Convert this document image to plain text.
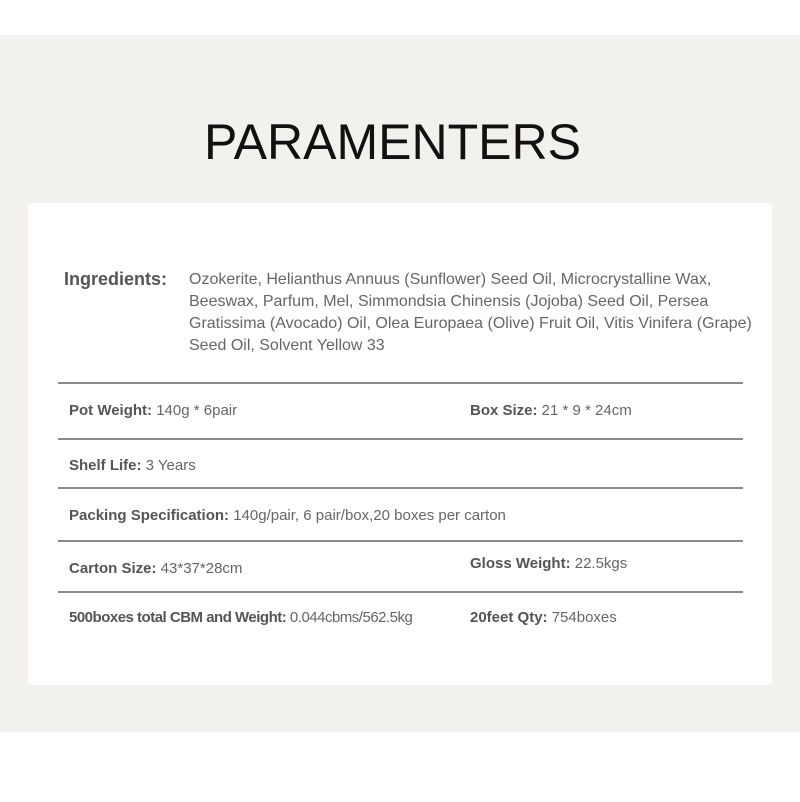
PARAMENTERS
Ingredients: Ozokerite, Helianthus Annuus (Sunflower) Seed Oil, Microcrystalline Wax, Beeswax, Parfum, Mel, Simmondsia Chinensis (Jojoba) Seed Oil, Persea Gratissima (Avocado) Oil, Olea Europaea (Olive) Fruit Oil, Vitis Vinifera (Grape) Seed Oil, Solvent Yellow 33
Pot Weight: 140g * 6pair	Box Size: 21 * 9 * 24cm
Shelf Life: 3 Years
Packing Specification: 140g/pair, 6 pair/box,20 boxes per carton
Carton Size: 43*37*28cm	Gloss Weight: 22.5kgs
500boxes total CBM and Weight: 0.044cbms/562.5kg	20feet Qty: 754boxes
